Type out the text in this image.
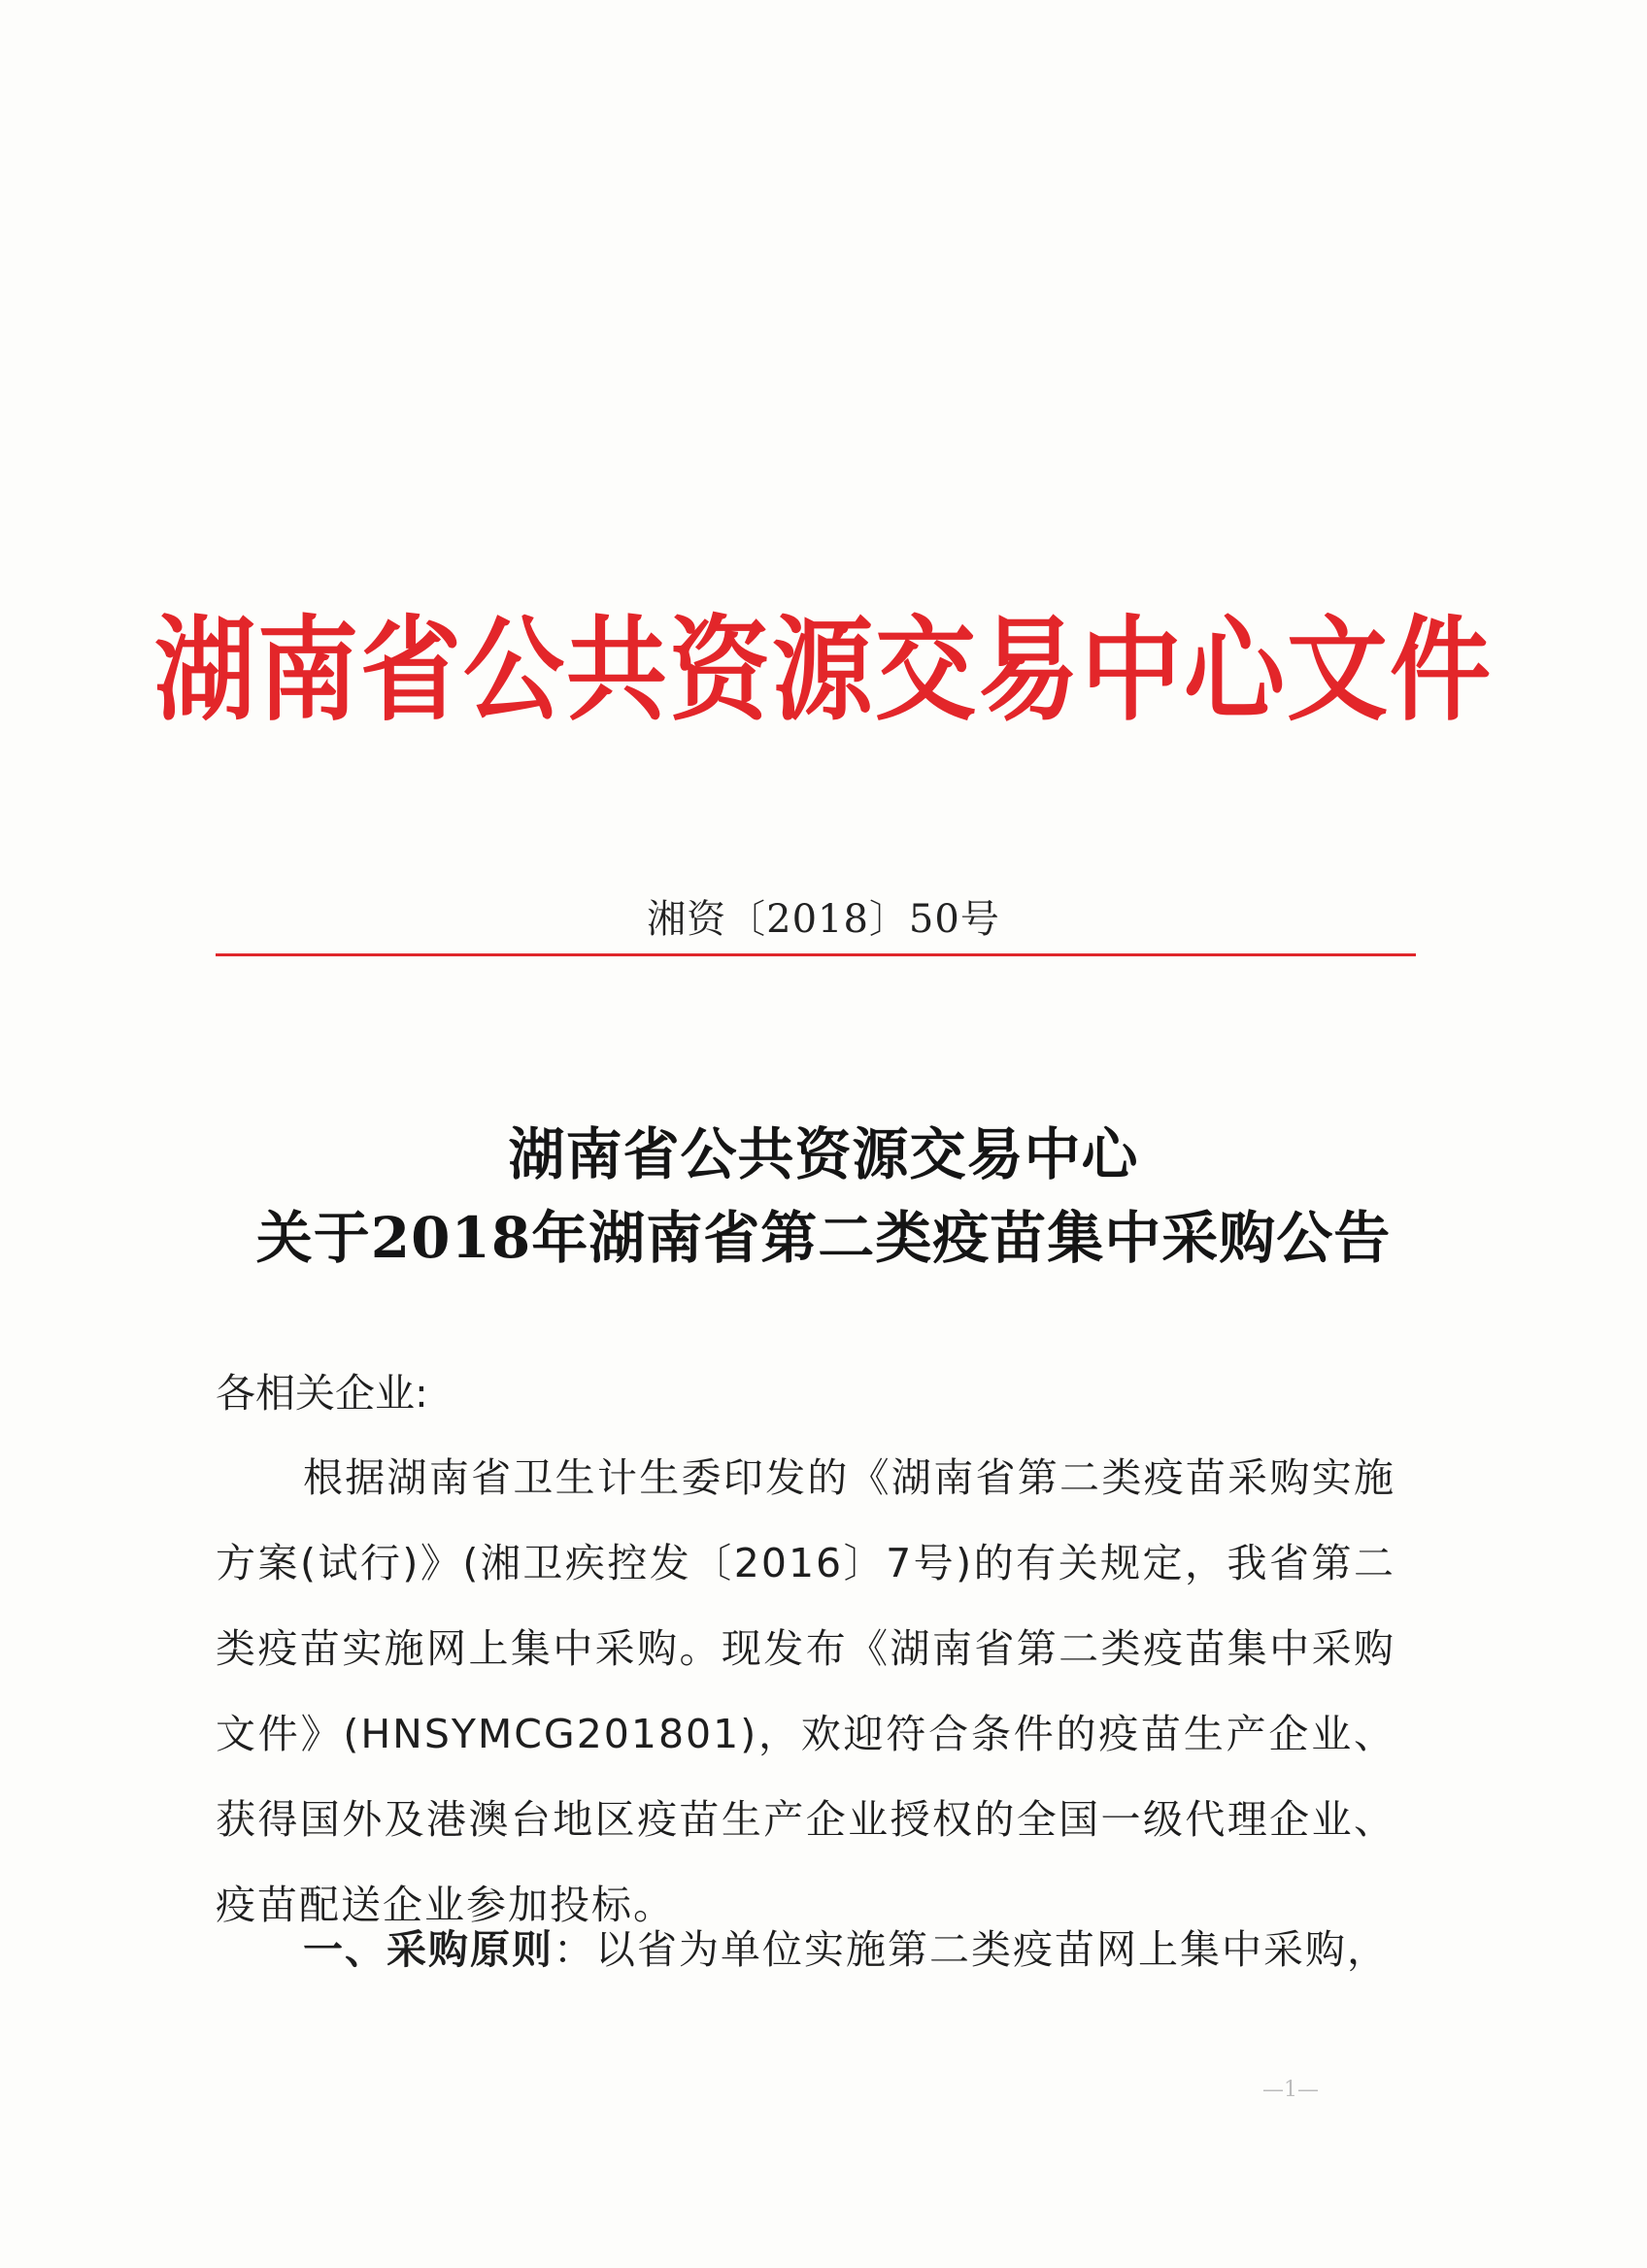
湖南省公共资源交易中心文件
湘资〔2018〕50号
湖南省公共资源交易中心
关于2018年湖南省第二类疫苗集中采购公告
各相关企业:
根据湖南省卫生计生委印发的《湖南省第二类疫苗采购实施方案(试行)》(湘卫疾控发〔2016〕7号)的有关规定，我省第二类疫苗实施网上集中采购。现发布《湖南省第二类疫苗集中采购文件》(HNSYMCG201801)，欢迎符合条件的疫苗生产企业、获得国外及港澳台地区疫苗生产企业授权的全国一级代理企业、疫苗配送企业参加投标。
一、采购原则：以省为单位实施第二类疫苗网上集中采购，
—1—
